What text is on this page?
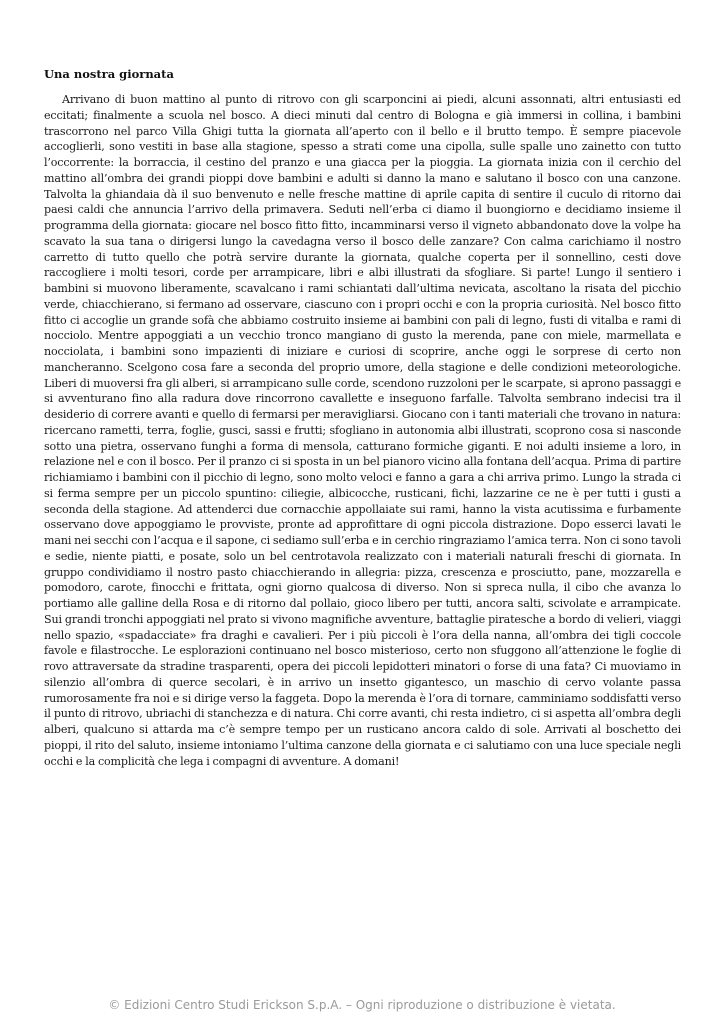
Una nostra giornata

Arrivano di buon mattino al punto di ritrovo con gli scarponcini ai piedi, alcuni assonnati, altri entusiasti ed eccitati; finalmente a scuola nel bosco. A dieci minuti dal centro di Bologna e già immersi in collina, i bambini trascorrono nel parco Villa Ghigi tutta la giornata all’aperto con il bello e il brutto tempo. È sempre piacevole accoglierli, sono vestiti in base alla stagione, spesso a strati come una cipolla, sulle spalle uno zainetto con tutto l’occorrente: la borraccia, il cestino del pranzo e una giacca per la pioggia. La giornata inizia con il cerchio del mattino all’ombra dei grandi pioppi dove bambini e adulti si danno la mano e salutano il bosco con una canzone. Talvolta la ghiandaia dà il suo benvenuto e nelle fresche mattine di aprile capita di sentire il cuculo di ritorno dai paesi caldi che annuncia l’arrivo della primavera. Seduti nell’erba ci diamo il buongiorno e decidiamo insieme il programma della giornata: giocare nel bosco fitto fitto, incamminarsi verso il vigneto abbandonato dove la volpe ha scavato la sua tana o dirigersi lungo la cavedagna verso il bosco delle zanzare? Con calma carichiamo il nostro carretto di tutto quello che potrà servire durante la giornata, qualche coperta per il sonnellino, cesti dove raccogliere i molti tesori, corde per arrampicare, libri e albi illustrati da sfogliare. Si parte! Lungo il sentiero i bambini si muovono liberamente, scavalcano i rami schiantati dall’ultima nevicata, ascoltano la risata del picchio verde, chiacchierano, si fermano ad osservare, ciascuno con i propri occhi e con la propria curiosità. Nel bosco fitto fitto ci accoglie un grande sofà che abbiamo costruito insieme ai bambini con pali di legno, fusti di vitalba e rami di nocciolo. Mentre appoggiati a un vecchio tronco mangiano di gusto la merenda, pane con miele, marmellata e nocciolata, i bambini sono impazienti di iniziare e curiosi di scoprire, anche oggi le sorprese di certo non mancheranno. Scelgono cosa fare a seconda del proprio umore, della stagione e delle condizioni meteorologiche. Liberi di muoversi fra gli alberi, si arrampicano sulle corde, scendono ruzzoloni per le scarpate, si aprono passaggi e si avventurano fino alla radura dove rincorrono cavallette e inseguono farfalle. Talvolta sembrano indecisi tra il desiderio di correre avanti e quello di fermarsi per meravigliarsi. Giocano con i tanti materiali che trovano in natura: ricercano rametti, terra, foglie, gusci, sassi e frutti; sfogliano in autonomia albi illustrati, scoprono cosa si nasconde sotto una pietra, osservano funghi a forma di mensola, catturano formiche giganti. E noi adulti insieme a loro, in relazione nel e con il bosco. Per il pranzo ci si sposta in un bel pianoro vicino alla fontana dell’acqua. Prima di partire richiamiamo i bambini con il picchio di legno, sono molto veloci e fanno a gara a chi arriva primo. Lungo la strada ci si ferma sempre per un piccolo spuntino: ciliegie, albicocche, rusticani, fichi, lazzarine ce ne è per tutti i gusti a seconda della stagione. Ad attenderci due cornacchie appollaiate sui rami, hanno la vista acutissima e furbamente osservano dove appoggiamo le provviste, pronte ad approfittare di ogni piccola distrazione. Dopo esserci lavati le mani nei secchi con l’acqua e il sapone, ci sediamo sull’erba e in cerchio ringraziamo l’amica terra. Non ci sono tavoli e sedie, niente piatti, e posate, solo un bel centrotavola realizzato con i materiali naturali freschi di giornata. In gruppo condividiamo il nostro pasto chiacchierando in allegria: pizza, crescenza e prosciutto, pane, mozzarella e pomodoro, carote, finocchi e frittata, ogni giorno qualcosa di diverso. Non si spreca nulla, il cibo che avanza lo portiamo alle galline della Rosa e di ritorno dal pollaio, gioco libero per tutti, ancora salti, scivolate e arrampicate. Sui grandi tronchi appoggiati nel prato si vivono magnifiche avventure, battaglie piratesche a bordo di velieri, viaggi nello spazio, «spadacciate» fra draghi e cavalieri. Per i più piccoli è l’ora della nanna, all’ombra dei tigli coccole favole e filastrocche. Le esplorazioni continuano nel bosco misterioso, certo non sfuggono all’attenzione le foglie di rovo attraversate da stradine trasparenti, opera dei piccoli lepidotteri minatori o forse di una fata? Ci muoviamo in silenzio all’ombra di querce secolari, è in arrivo un insetto gigantesco, un maschio di cervo volante passa rumorosamente fra noi e si dirige verso la faggeta. Dopo la merenda è l’ora di tornare, camminiamo soddisfatti verso il punto di ritrovo, ubriachi di stanchezza e di natura. Chi corre avanti, chi resta indietro, ci si aspetta all’ombra degli alberi, qualcuno si attarda ma c’è sempre tempo per un rusticano ancora caldo di sole. Arrivati al boschetto dei pioppi, il rito del saluto, insieme intoniamo l’ultima canzone della giornata e ci salutiamo con una luce speciale negli occhi e la complicità che lega i compagni di avventure. A domani!

© Edizioni Centro Studi Erickson S.p.A. – Ogni riproduzione o distribuzione è vietata.
